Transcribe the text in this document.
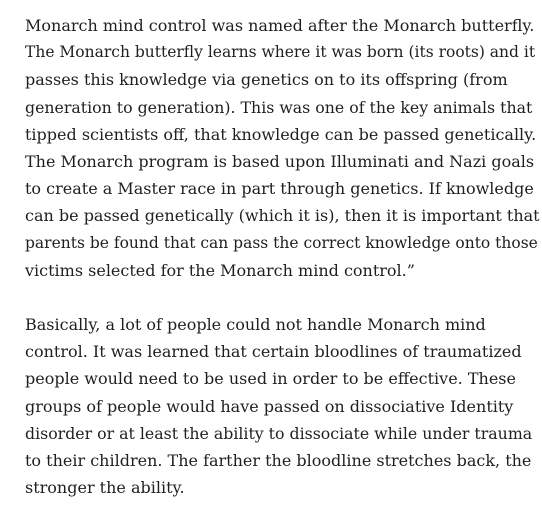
Monarch mind control was named after the Monarch butterfly.
The Monarch butterfly learns where it was born (its roots) and it
passes this knowledge via genetics on to its offspring (from
generation to generation). This was one of the key animals that
tipped scientists off, that knowledge can be passed genetically.
The Monarch program is based upon Illuminati and Nazi goals
to create a Master race in part through genetics. If knowledge
can be passed genetically (which it is), then it is important that
parents be found that can pass the correct knowledge onto those
victims selected for the Monarch mind control.”

Basically, a lot of people could not handle Monarch mind
control. It was learned that certain bloodlines of traumatized
people would need to be used in order to be effective. These
groups of people would have passed on dissociative Identity
disorder or at least the ability to dissociate while under trauma
to their children. The farther the bloodline stretches back, the
stronger the ability.
